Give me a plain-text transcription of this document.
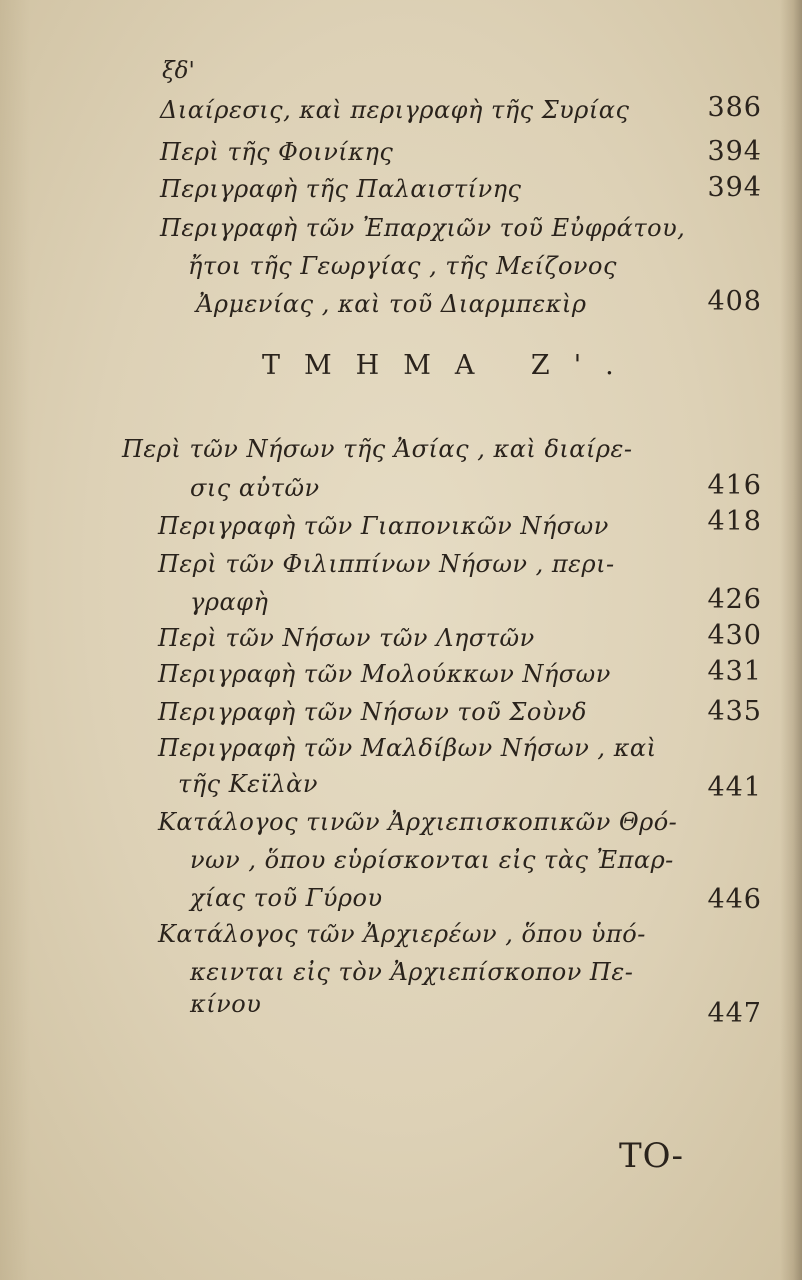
ξδ'
Διαίρεσις, καὶ περιγραφὴ τῆς Συρίας	386
Περὶ τῆς Φοινίκης	394
Περιγραφὴ τῆς Παλαιστίνης	394
Περιγραφὴ τῶν Ἐπαρχιῶν τοῦ Εὐφράτου,
ἤτοι τῆς Γεωργίας , τῆς Μείζονος
Ἀρμενίας , καὶ τοῦ Διαρμπεκὶρ	408
ΤΜΗΜΑ Ζ'.
Περὶ τῶν Νήσων τῆς Ἀσίας , καὶ διαίρε-
σις αὐτῶν	416
Περιγραφὴ τῶν Γιαπονικῶν Νήσων	418
Περὶ τῶν Φιλιππίνων Νήσων , περι-
γραφὴ	426
Περὶ τῶν Νήσων τῶν Ληστῶν	430
Περιγραφὴ τῶν Μολούκκων Νήσων	431
Περιγραφὴ τῶν Νήσων τοῦ Σοὺνδ	435
Περιγραφὴ τῶν Μαλδίβων Νήσων , καὶ
τῆς Κεϊλὰν	441
Κατάλογος τινῶν Ἀρχιεπισκοπικῶν Θρό-
νων , ὅπου εὑρίσκονται εἰς τὰς Ἐπαρ-
χίας τοῦ Γύρου	446
Κατάλογος τῶν Ἀρχιερέων , ὅπου ὑπό-
κεινται εἰς τὸν Ἀρχιεπίσκοπον Πε-
κίνου	447
ΤΟ-
